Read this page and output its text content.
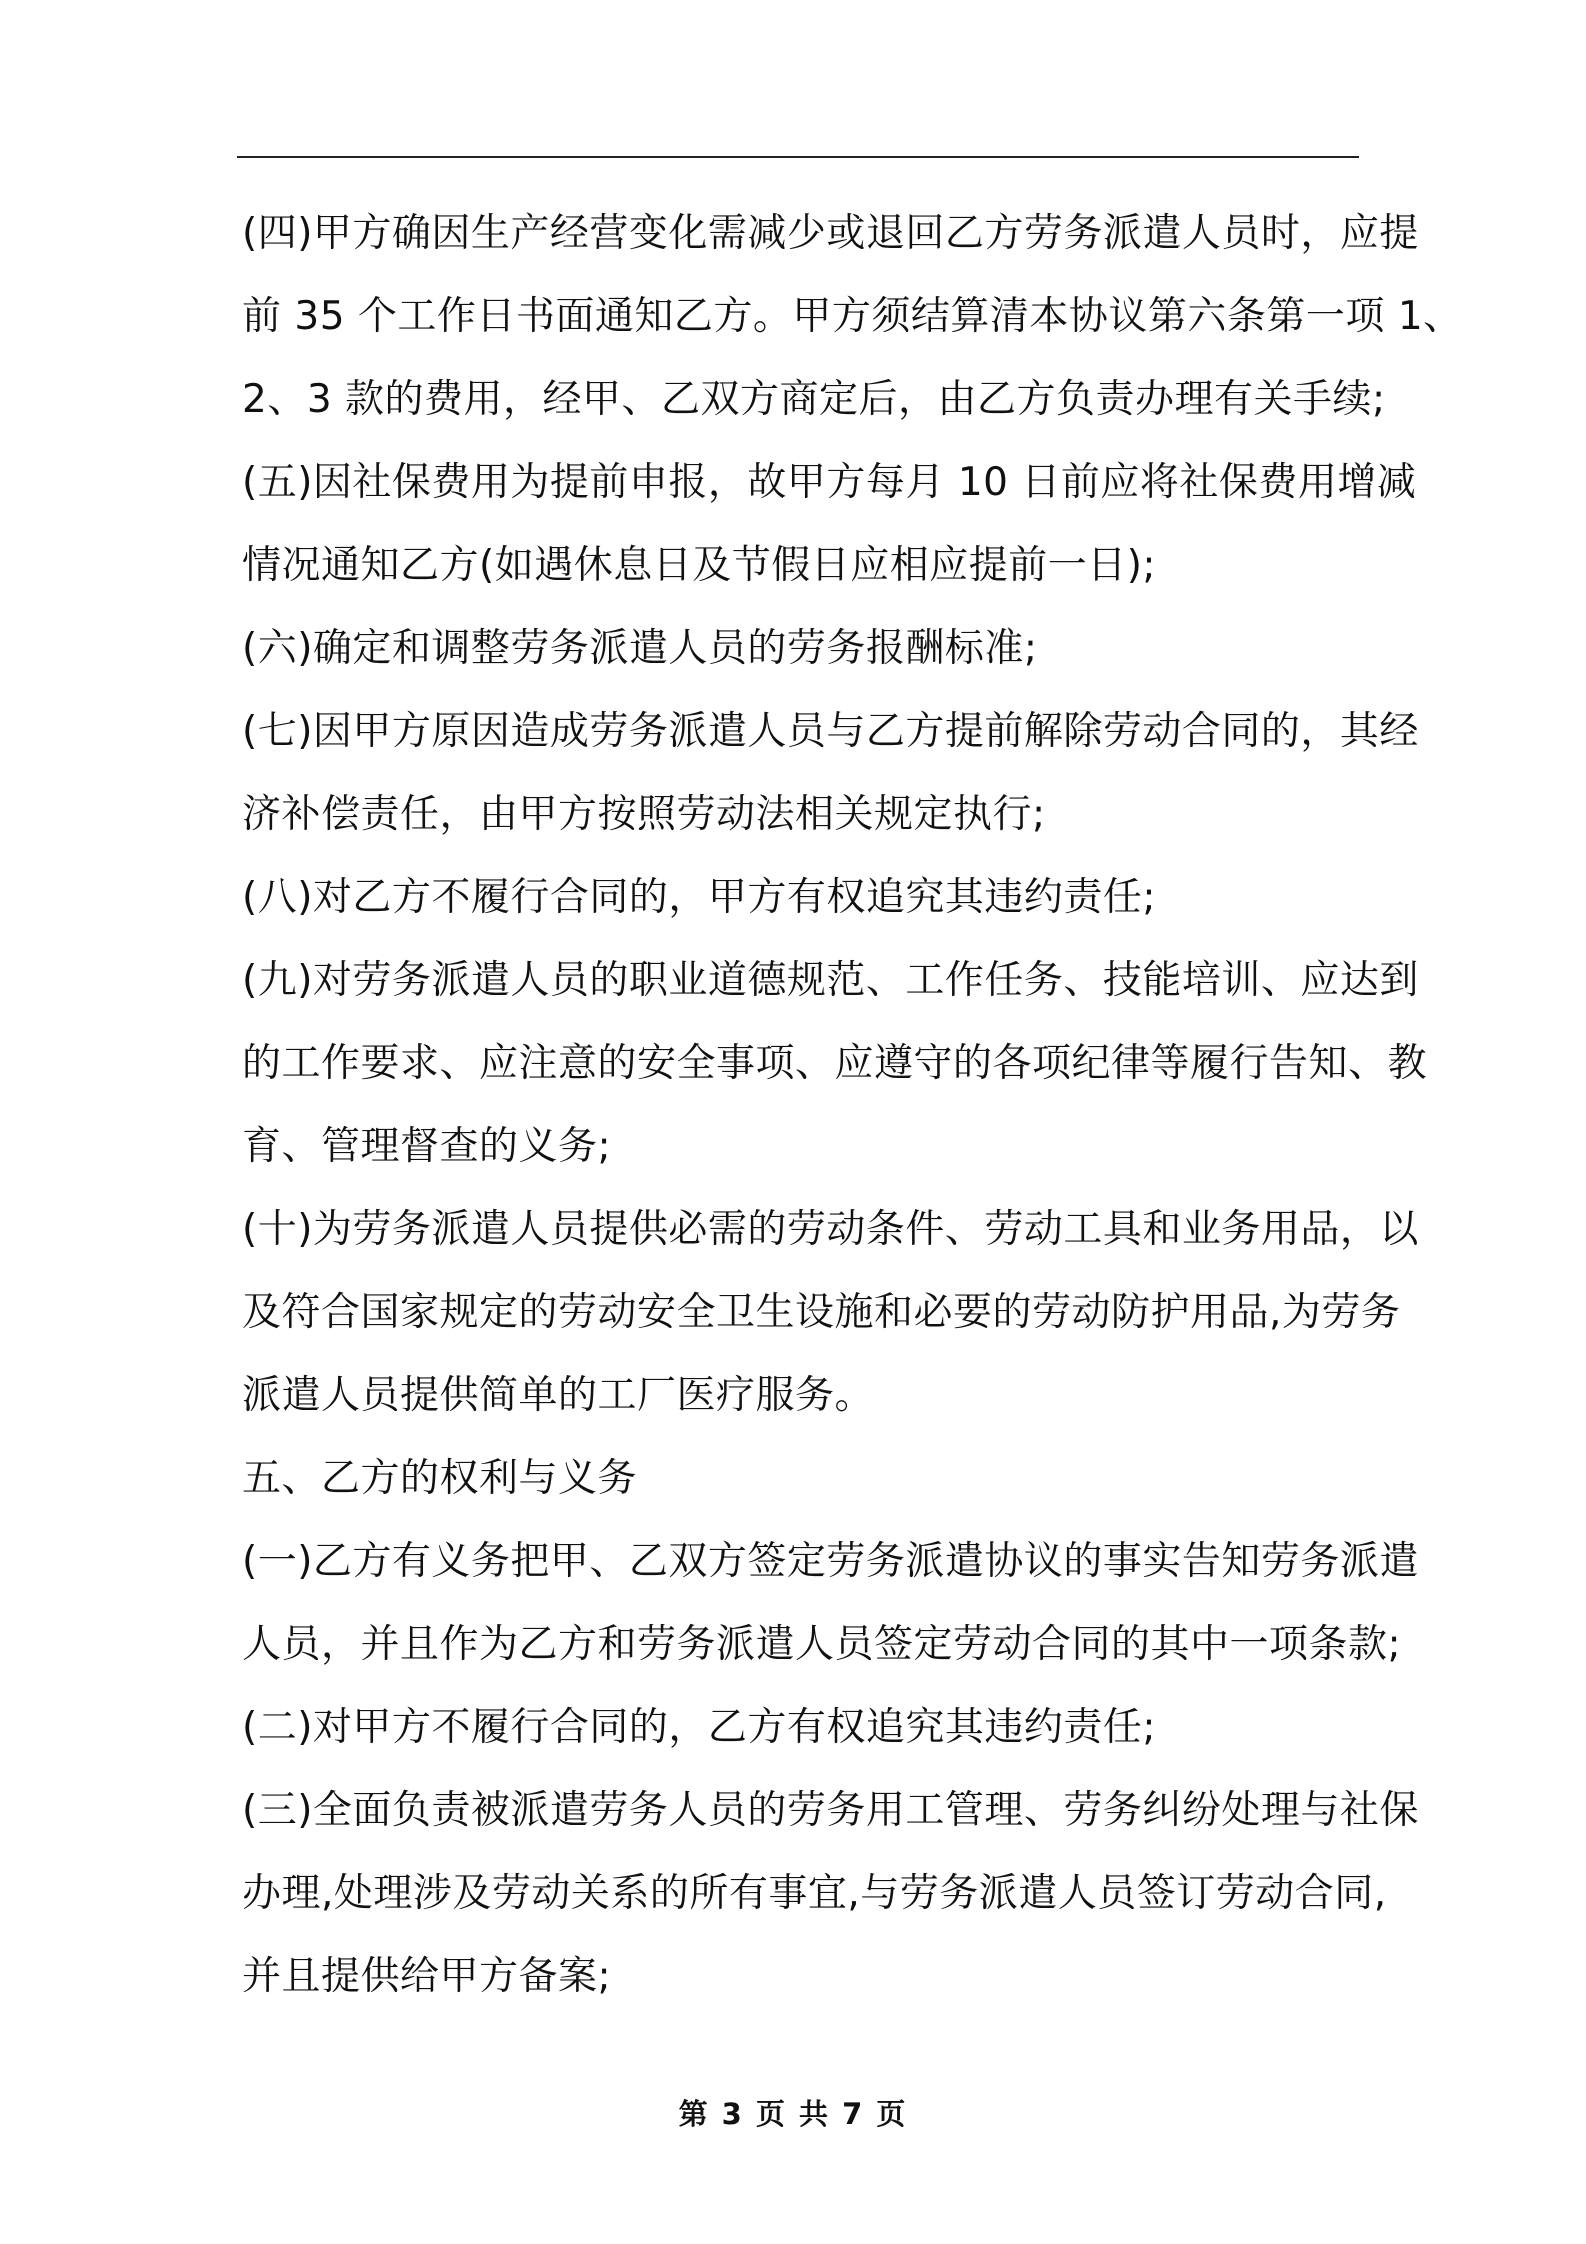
(四)甲方确因生产经营变化需减少或退回乙方劳务派遣人员时，应提
前 35 个工作日书面通知乙方。甲方须结算清本协议第六条第一项 1、
2、3 款的费用，经甲、乙双方商定后，由乙方负责办理有关手续;
(五)因社保费用为提前申报，故甲方每月 10 日前应将社保费用增减
情况通知乙方(如遇休息日及节假日应相应提前一日);
(六)确定和调整劳务派遣人员的劳务报酬标准;
(七)因甲方原因造成劳务派遣人员与乙方提前解除劳动合同的，其经
济补偿责任，由甲方按照劳动法相关规定执行;
(八)对乙方不履行合同的，甲方有权追究其违约责任;
(九)对劳务派遣人员的职业道德规范、工作任务、技能培训、应达到
的工作要求、应注意的安全事项、应遵守的各项纪律等履行告知、教
育、管理督查的义务;
(十)为劳务派遣人员提供必需的劳动条件、劳动工具和业务用品，以
及符合国家规定的劳动安全卫生设施和必要的劳动防护用品,为劳务
派遣人员提供简单的工厂医疗服务。
五、乙方的权利与义务
(一)乙方有义务把甲、乙双方签定劳务派遣协议的事实告知劳务派遣
人员，并且作为乙方和劳务派遣人员签定劳动合同的其中一项条款;
(二)对甲方不履行合同的，乙方有权追究其违约责任;
(三)全面负责被派遣劳务人员的劳务用工管理、劳务纠纷处理与社保
办理,处理涉及劳动关系的所有事宜,与劳务派遣人员签订劳动合同,
并且提供给甲方备案;
第 3 页 共 7 页
